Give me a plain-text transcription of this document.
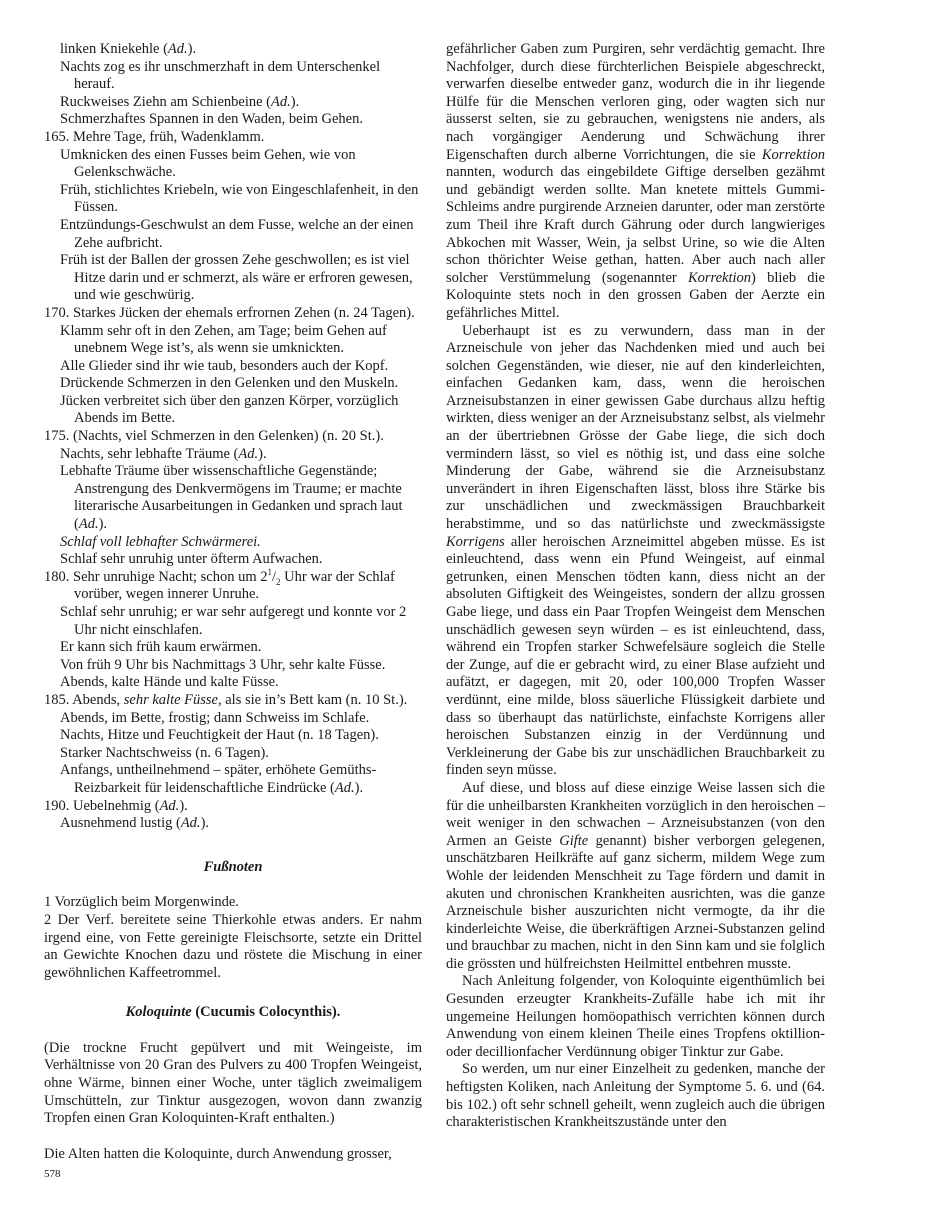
linken Kniekehle (Ad.).
Nachts zog es ihr unschmerzhaft in dem Unterschenkel herauf.
Ruckweises Ziehn am Schienbeine (Ad.).
Schmerzhaftes Spannen in den Waden, beim Gehen.
165. Mehre Tage, früh, Wadenklamm.
Umknicken des einen Fusses beim Gehen, wie von Gelenkschwäche.
Früh, stichlichtes Kriebeln, wie von Eingeschlafenheit, in den Füssen.
Entzündungs-Geschwulst an dem Fusse, welche an der einen Zehe aufbricht.
Früh ist der Ballen der grossen Zehe geschwollen; es ist viel Hitze darin und er schmerzt, als wäre er erfroren gewesen, und wie geschwürig.
170. Starkes Jücken der ehemals erfrornen Zehen (n. 24 Tagen).
Klamm sehr oft in den Zehen, am Tage; beim Gehen auf unebnem Wege ist’s, als wenn sie umknickten.
Alle Glieder sind ihr wie taub, besonders auch der Kopf.
Drückende Schmerzen in den Gelenken und den Muskeln.
Jücken verbreitet sich über den ganzen Körper, vorzüglich Abends im Bette.
175. (Nachts, viel Schmerzen in den Gelenken) (n. 20 St.).
Nachts, sehr lebhafte Träume (Ad.).
Lebhafte Träume über wissenschaftliche Gegenstände; Anstrengung des Denkvermögens im Traume; er machte literarische Ausarbeitungen in Gedanken und sprach laut (Ad.).
Schlaf voll lebhafter Schwärmerei.
Schlaf sehr unruhig unter öfterm Aufwachen.
180. Sehr unruhige Nacht; schon um $2^1/_2$ Uhr war der Schlaf vorüber, wegen innerer Unruhe.
Schlaf sehr unruhig; er war sehr aufgeregt und konnte vor 2 Uhr nicht einschlafen.
Er kann sich früh kaum erwärmen.
Von früh 9 Uhr bis Nachmittags 3 Uhr, sehr kalte Füsse.
Abends, kalte Hände und kalte Füsse.
185. Abends, sehr kalte Füsse, als sie in’s Bett kam (n. 10 St.).
Abends, im Bette, frostig; dann Schweiss im Schlafe.
Nachts, Hitze und Feuchtigkeit der Haut (n. 18 Tagen).
Starker Nachtschweiss (n. 6 Tagen).
Anfangs, untheilnehmend – später, erhöhete Gemüths-Reizbarkeit für leidenschaftliche Eindrücke (Ad.).
190. Uebelnehmig (Ad.).
Ausnehmend lustig (Ad.).
Fußnoten

1 Vorzüglich beim Morgenwinde.

2 Der Verf. bereitete seine Thierkohle etwas anders. Er nahm irgend eine, von Fette gereinigte Fleischsorte, setzte ein Drittel an Gewichte Knochen dazu und röstete die Mischung in einer gewöhnlichen Kaffeetrommel.

Koloquinte (Cucumis Colocynthis).

(Die trockne Frucht gepülvert und mit Weingeiste, im Verhältnisse von 20 Gran des Pulvers zu 400 Tropfen Weingeist, ohne Wärme, binnen einer Woche, unter täglich zweimaligem Umschütteln, zur Tinktur ausgezogen, wovon dann zwanzig Tropfen einen Gran Koloquinten-Kraft enthalten.)

Die Alten hatten die Koloquinte, durch Anwendung grosser,

gefährlicher Gaben zum Purgiren, sehr verdächtig gemacht. Ihre Nachfolger, durch diese fürchterlichen Beispiele abgeschreckt, verwarfen dieselbe entweder ganz, wodurch die in ihr liegende Hülfe für die Menschen verloren ging, oder wagten sich nur äusserst selten, sie zu gebrauchen, wenigstens nie anders, als nach vorgängiger Aenderung und Schwächung ihrer Eigenschaften durch alberne Vorrichtungen, die sie Korrektion nannten, wodurch das eingebildete Giftige derselben gezähmt und gebändigt werden sollte. Man knetete mittels Gummi-Schleims andre purgirende Arzneien darunter, oder man zerstörte zum Theil ihre Kraft durch Gährung oder durch langwieriges Abkochen mit Wasser, Wein, ja selbst Urine, so wie die Alten schon thörichter Weise gethan, hatten. Aber auch nach aller solcher Verstümmelung (sogenannter Korrektion) blieb die Koloquinte stets noch in den grossen Gaben der Aerzte ein gefährliches Mittel.

Ueberhaupt ist es zu verwundern, dass man in der Arzneischule von jeher das Nachdenken mied und auch bei solchen Gegenständen, wie dieser, nie auf den kinderleichten, einfachen Gedanken kam, dass, wenn die heroischen Arzneisubstanzen in einer gewissen Gabe durchaus allzu heftig wirkten, diess weniger an der Arzneisubstanz selbst, als vielmehr an der übertriebnen Grösse der Gabe liege, die sich doch vermindern lässt, so viel es nöthig ist, und dass eine solche Minderung der Gabe, während sie die Arzneisubstanz unverändert in ihren Eigenschaften lässt, bloss ihre Stärke bis zur unschädlichen und zweckmässigen Brauchbarkeit herabstimme, und so das natürlichste und zweckmässigste Korrigens aller heroischen Arzneimittel abgeben müsse. Es ist einleuchtend, dass wenn ein Pfund Weingeist, auf einmal getrunken, einen Menschen tödten kann, diess nicht an der absoluten Giftigkeit des Weingeistes, sondern der allzu grossen Gabe liege, und dass ein Paar Tropfen Weingeist dem Menschen unschädlich gewesen seyn würden – es ist einleuchtend, dass, während ein Tropfen starker Schwefelsäure sogleich die Stelle der Zunge, auf die er gebracht wird, zu einer Blase aufzieht und aufätzt, er dagegen, mit 20, oder 100,000 Tropfen Wasser verdünnt, eine milde, bloss säuerliche Flüssigkeit darbiete und dass so überhaupt das natürlichste, einfachste Korrigens aller heroischen Substanzen einzig in der Verdünnung und Verkleinerung der Gabe bis zur unschädlichen Brauchbarkeit zu finden seyn müsse.

Auf diese, und bloss auf diese einzige Weise lassen sich die für die unheilbarsten Krankheiten vorzüglich in den heroischen – weit weniger in den schwachen – Arzneisubstanzen (von den Armen an Geiste Gifte genannt) bisher verborgen gelegenen, unschätzbaren Heilkräfte auf ganz sicherm, mildem Wege zum Wohle der leidenden Menschheit zu Tage fördern und damit in akuten und chronischen Krankheiten ausrichten, was die ganze Arzneischule bisher auszurichten nicht vermogte, da ihr die kinderleichte Weise, die überkräftigen Arznei-Substanzen gelind und brauchbar zu machen, nicht in den Sinn kam und sie folglich die grössten und hülfreichsten Heilmittel entbehren musste.

Nach Anleitung folgender, von Koloquinte eigenthümlich bei Gesunden erzeugter Krankheits-Zufälle habe ich mit ihr ungemeine Heilungen homöopathisch verrichten können durch Anwendung von einem kleinen Theile eines Tropfens oktillion- oder decillionfacher Verdünnung obiger Tinktur zur Gabe.

So werden, um nur einer Einzelheit zu gedenken, manche der heftigsten Koliken, nach Anleitung der Symptome 5. 6. und (64. bis 102.) oft sehr schnell geheilt, wenn zugleich auch die übrigen charakteristischen Krankheitszustände unter den

578
